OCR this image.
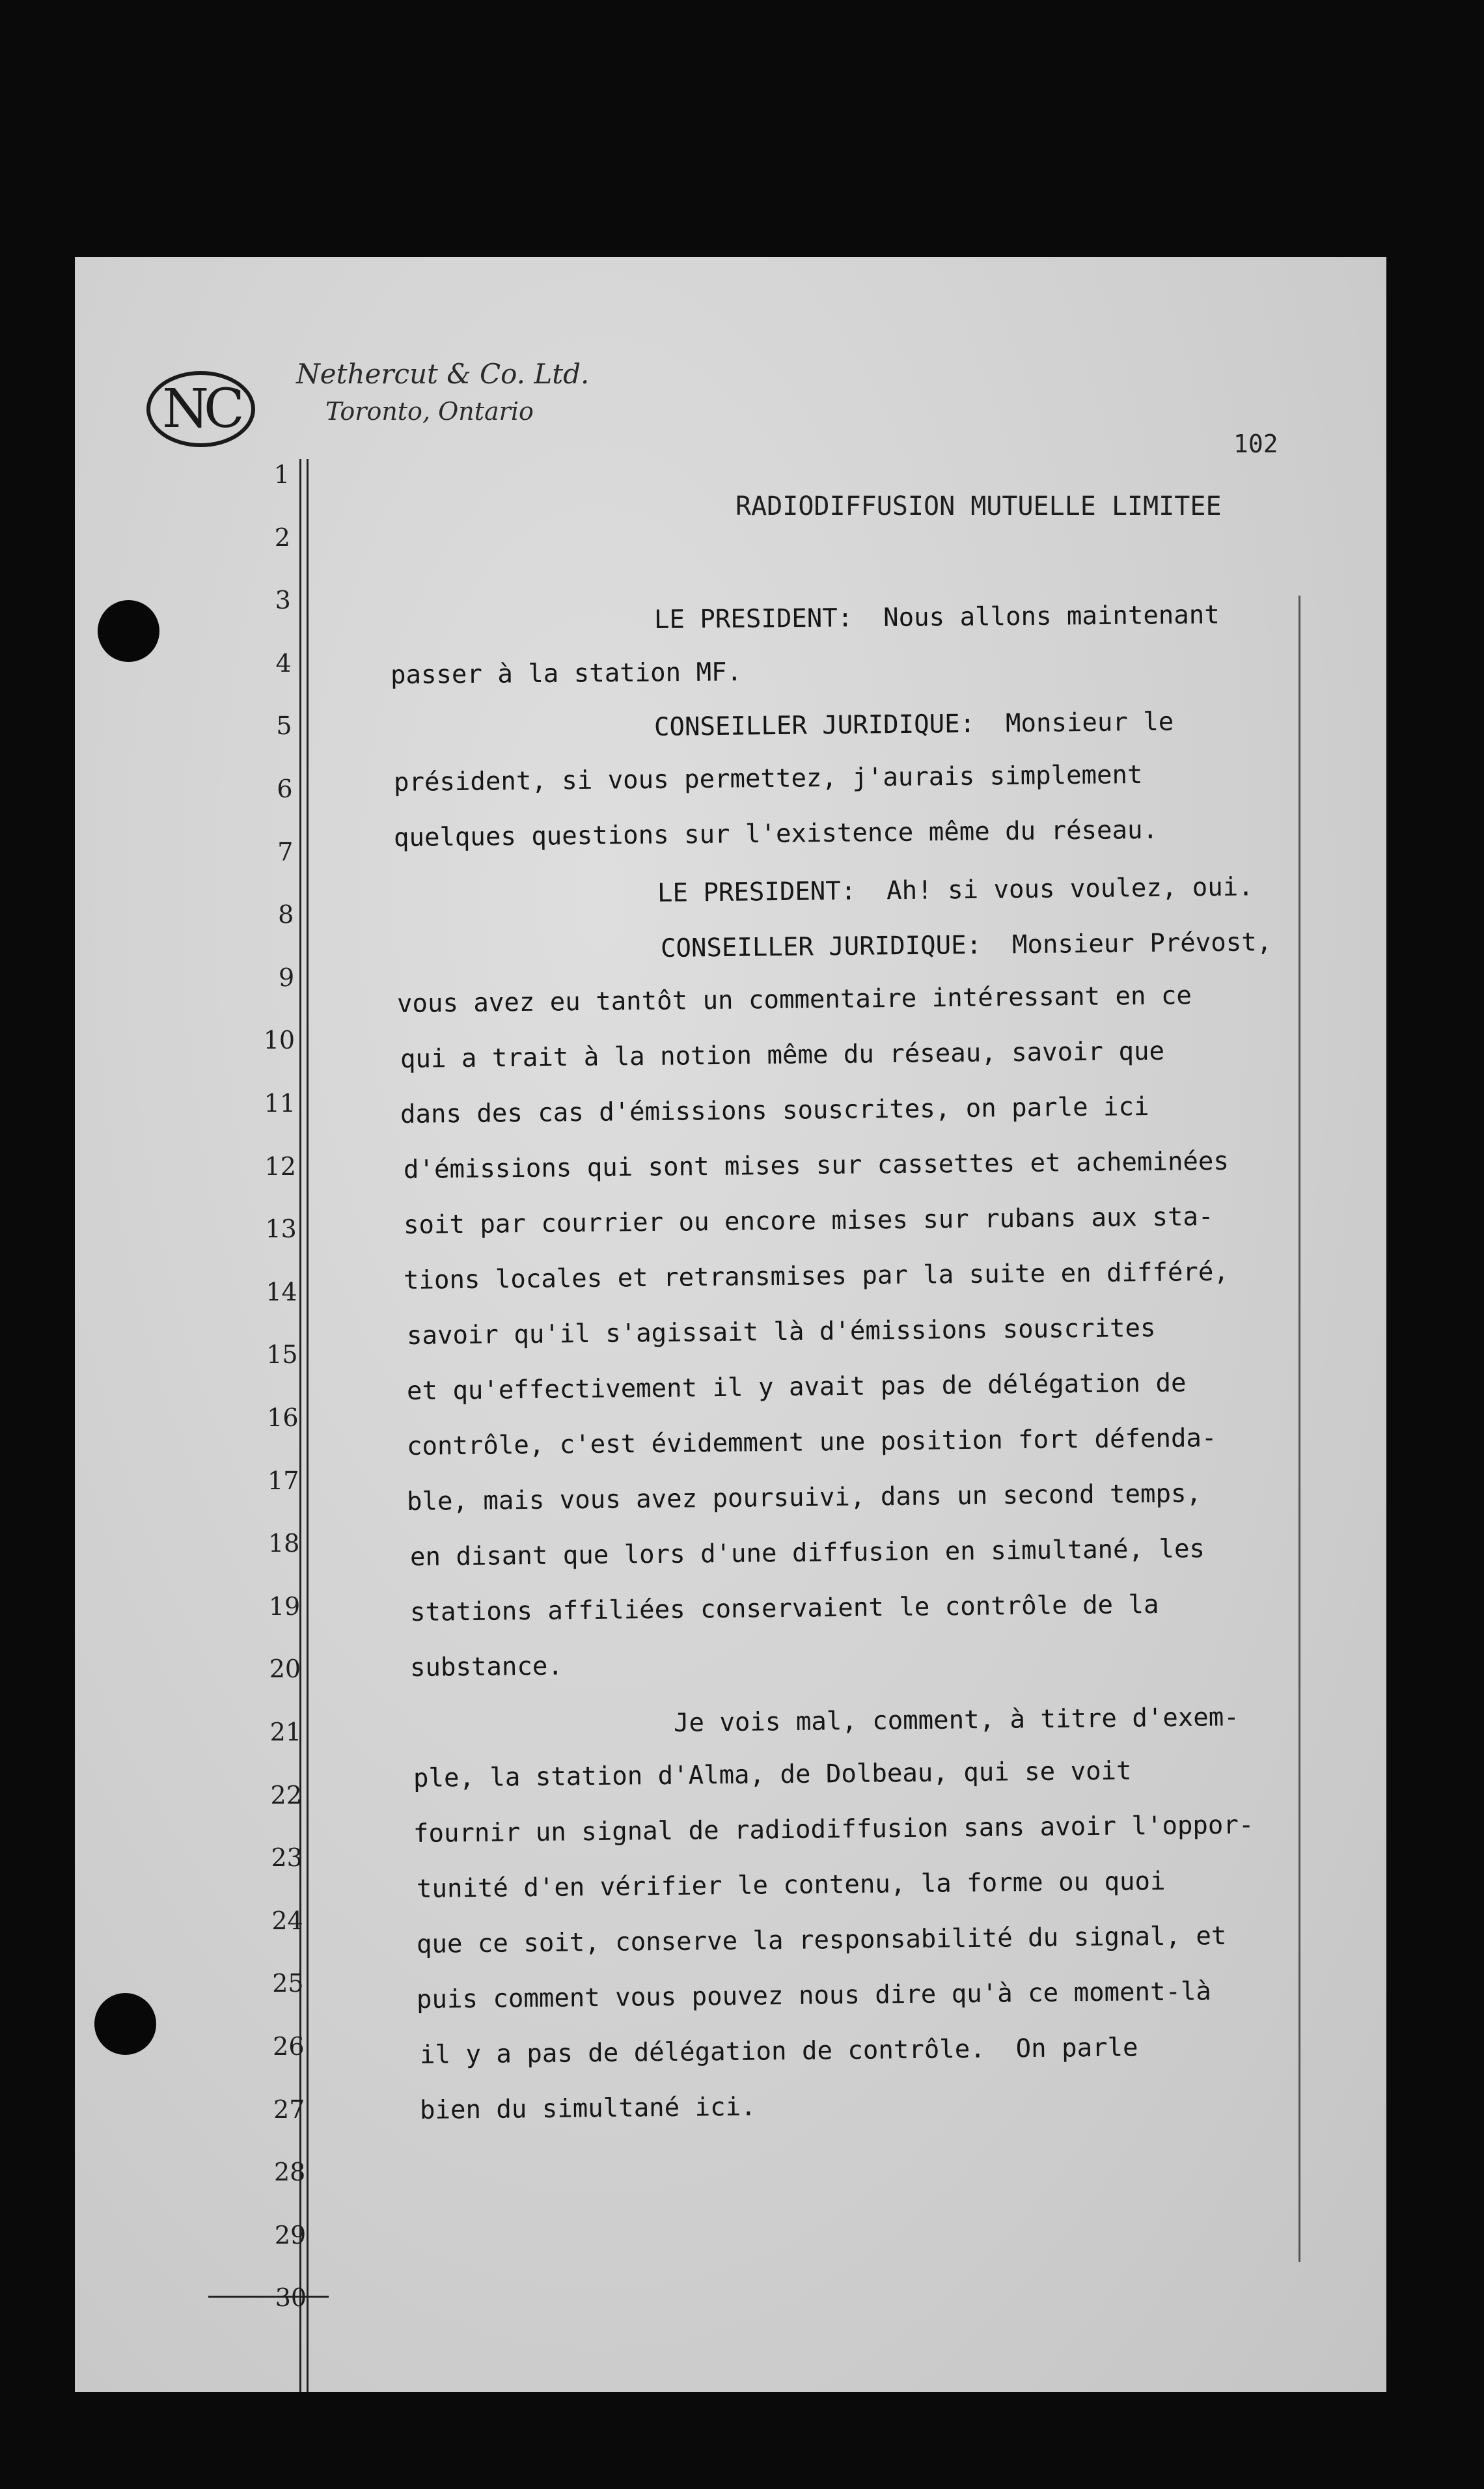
NC
Nethercut & Co. Ltd.
Toronto, Ontario
1
2
3
4
5
6
7
8
9
10
11
12
13
14
15
16
17
18
19
20
21
22
23
24
25
26
27
28
29
30
102
RADIODIFFUSION MUTUELLE LIMITEE
LE PRESIDENT:  Nous allons maintenant
passer à la station MF.
CONSEILLER JURIDIQUE:  Monsieur le
président, si vous permettez, j'aurais simplement
quelques questions sur l'existence même du réseau.
LE PRESIDENT:  Ah! si vous voulez, oui.
CONSEILLER JURIDIQUE:  Monsieur Prévost,
vous avez eu tantôt un commentaire intéressant en ce
qui a trait à la notion même du réseau, savoir que
dans des cas d'émissions souscrites, on parle ici
d'émissions qui sont mises sur cassettes et acheminées
soit par courrier ou encore mises sur rubans aux sta-
tions locales et retransmises par la suite en différé,
savoir qu'il s'agissait là d'émissions souscrites
et qu'effectivement il y avait pas de délégation de
contrôle, c'est évidemment une position fort défenda-
ble, mais vous avez poursuivi, dans un second temps,
en disant que lors d'une diffusion en simultané, les
stations affiliées conservaient le contrôle de la
substance.
Je vois mal, comment, à titre d'exem-
ple, la station d'Alma, de Dolbeau, qui se voit
fournir un signal de radiodiffusion sans avoir l'oppor-
tunité d'en vérifier le contenu, la forme ou quoi
que ce soit, conserve la responsabilité du signal, et
puis comment vous pouvez nous dire qu'à ce moment-là
il y a pas de délégation de contrôle.  On parle
bien du simultané ici.
